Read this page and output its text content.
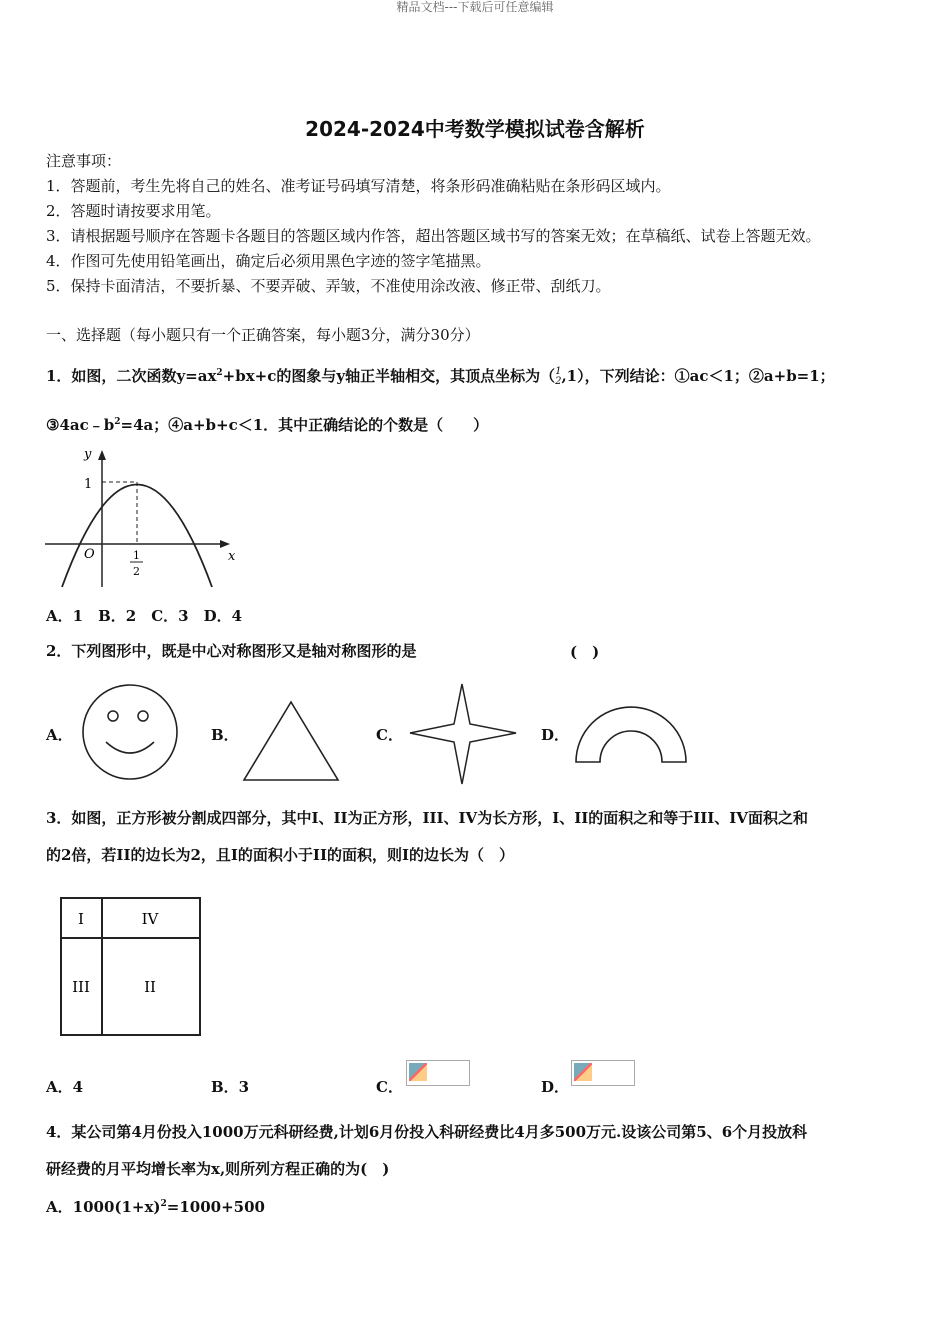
精品文档---下载后可任意编辑
2024-2024中考数学模拟试卷含解析
注意事项：
1．答题前，考生先将自己的姓名、准考证号码填写清楚，将条形码准确粘贴在条形码区域内。
2．答题时请按要求用笔。
3．请根据题号顺序在答题卡各题目的答题区域内作答，超出答题区域书写的答案无效；在草稿纸、试卷上答题无效。
4．作图可先使用铅笔画出，确定后必须用黑色字迹的签字笔描黑。
5．保持卡面清洁，不要折暴、不要弄破、弄皱，不准使用涂改液、修正带、刮纸刀。
一、选择题（每小题只有一个正确答案，每小题3分，满分30分）
1．如图，二次函数$y=ax^2+bx+c$的图象与y轴正半轴相交，其顶点坐标为（1
2,1），下列结论：①ac＜1；②a+b=1；
$③4ac﹣b^2=4a$；④a+b+c＜1．其中正确结论的个数是（　　）
y
x
O
1
1
2
A．1　B．2　C．3　D．4
2．下列图形中，既是中心对称图形又是轴对称图形的是	(　)
A．	B．	C．	D．
3．如图，正方形被分割成四部分，其中I、II为正方形，III、IV为长方形，I、II的面积之和等于III、IV面积之和
的2倍，若II的边长为2，且I的面积小于II的面积，则I的边长为（　）
I	IV
III	II
A．4	B．3	C．	D．
4．某公司第4月份投入1000万元科研经费,计划6月份投入科研经费比4月多500万元.设该公司第5、6个月投放科
研经费的月平均增长率为x,则所列方程正确的为(　)
A．$1000(1+x)^2=1000+500$
